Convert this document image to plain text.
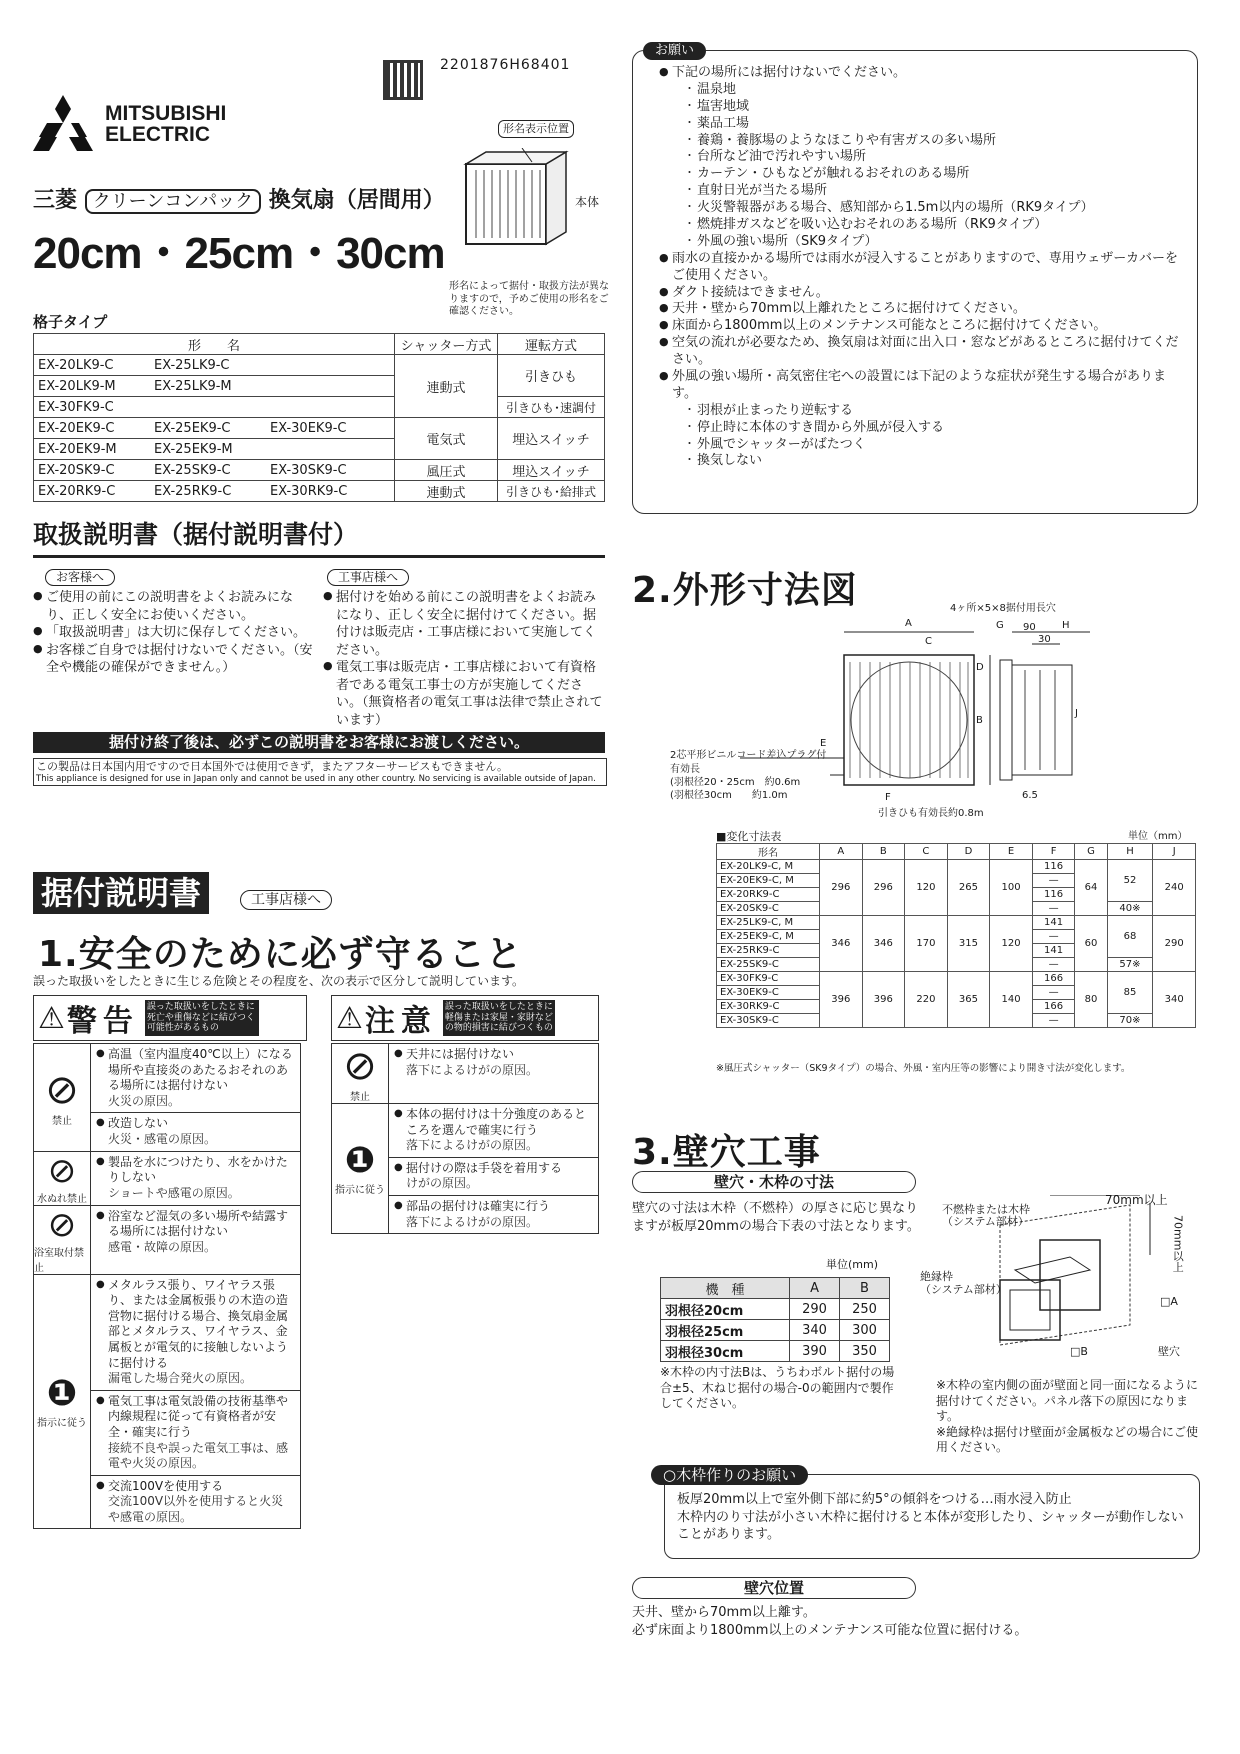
2201876H68401
MITSUBISHI
ELECTRIC
三菱 クリーンコンパック 換気扇（居間用）
20cm・25cm・30cm
形名表示位置
本体
形名によって据付・取扱方法が異なりますので，予めご使用の形名をご確認ください。
格子タイプ
形　　名	シャッター方式	運転方式
EX-20LK9-C EX-25LK9-C	連動式	引きひも
EX-20LK9-M EX-25LK9-M		
EX-30FK9-C		引きひも･速調付
EX-20EK9-C EX-25EK9-C EX-30EK9-C	電気式	埋込スイッチ
EX-20EK9-M EX-25EK9-M		
EX-20SK9-C EX-25SK9-C EX-30SK9-C	風圧式	埋込スイッチ
EX-20RK9-C EX-25RK9-C EX-30RK9-C	連動式	引きひも･給排式
取扱説明書（据付説明書付）
お客様へ
● ご使用の前にこの説明書をよくお読みになり、正しく安全にお使いください。
● 「取扱説明書」は大切に保存してください。
● お客様ご自身では据付けないでください。（安全や機能の確保ができません。）
工事店様へ
● 据付けを始める前にこの説明書をよくお読みになり、正しく安全に据付けてください。据付けは販売店・工事店様において実施してください。
● 電気工事は販売店・工事店様において有資格者である電気工事士の方が実施してください。（無資格者の電気工事は法律で禁止されています）
据付け終了後は、必ずこの説明書をお客様にお渡しください。
この製品は日本国内用ですので日本国外では使用できず，またアフターサービスもできません。
This appliance is designed for use in Japan only and cannot be used in any other country. No servicing is available outside of Japan.
据付説明書	工事店様へ
1.安全のために必ず守ること
誤った取扱いをしたときに生じる危険とその程度を、次の表示で区分して説明しています。
⚠ 警告 誤った取扱いをしたときに死亡や重傷などに結びつく可能性があるもの	⚠ 注意 誤った取扱いをしたときに軽傷または家屋・家財などの物的損害に結びつくもの
⊘
禁止
● 高温（室内温度40℃以上）になる場所や直接炎のあたるおそれのある場所には据付けない
火災の原因。
● 改造しない
火災・感電の原因。
⊘
水ぬれ禁止
● 製品を水につけたり、水をかけたりしない
ショートや感電の原因。
⊘
浴室取付禁止
● 浴室など湿気の多い場所や結露する場所には据付けない
感電・故障の原因。
❶
指示に従う
● メタルラス張り、ワイヤラス張り、または金属板張りの木造の造営物に据付ける場合、換気扇金属部とメタルラス、ワイヤラス、金属板とが電気的に接触しないように据付ける
漏電した場合発火の原因。
● 電気工事は電気設備の技術基準や内線規程に従って有資格者が安全・確実に行う
接続不良や誤った電気工事は、感電や火災の原因。
● 交流100Vを使用する
交流100V以外を使用すると火災や感電の原因。
⊘
禁止
● 天井には据付けない
落下によるけがの原因。
❶
指示に従う
● 本体の据付けは十分強度のあるところを選んで確実に行う
落下によるけがの原因。
● 据付けの際は手袋を着用する
けがの原因。
● 部品の据付けは確実に行う
落下によるけがの原因。
お願い
● 下記の場所には据付けないでください。
・ 温泉地
・ 塩害地域
・ 薬品工場
・ 養鶏・養豚場のようなほこりや有害ガスの多い場所
・ 台所など油で汚れやすい場所
・ カーテン・ひもなどが触れるおそれのある場所
・ 直射日光が当たる場所
・ 火災警報器がある場合、感知部から1.5m以内の場所（RK9タイプ）
・ 燃焼排ガスなどを吸い込むおそれのある場所（RK9タイプ）
・ 外風の強い場所（SK9タイプ）
● 雨水の直接かかる場所では雨水が浸入することがありますので、専用ウェザーカバーをご使用ください。
● ダクト接続はできません。
● 天井・壁から70mm以上離れたところに据付けてください。
● 床面から1800mm以上のメンテナンス可能なところに据付けてください。
● 空気の流れが必要なため、換気扇は対面に出入口・窓などがあるところに据付けてください。
● 外風の強い場所・高気密住宅への設置には下記のような症状が発生する場合があります。
・ 羽根が止まったり逆転する
・ 停止時に本体のすき間から外風が侵入する
・ 外風でシャッターがばたつく
・ 換気しない
2.外形寸法図	4ヶ所×5×8据付用長穴
A
C
D
B
G 90	H
30
J
E
F	6.5
2芯平形ビニルコード差込プラグ付
有効長
(羽根径20・25cm　約0.6m
(羽根径30cm　　約1.0m
引きひも有効長約0.8m
■変化寸法表	単位（mm）
形名	A	B	C	D	E	F	G	H	J
EX-20LK9-C, M	296	296	120	265	100	116	64	52	240
EX-20EK9-C, M						—			
EX-20RK9-C						116			
EX-20SK9-C						—		40※	
EX-25LK9-C, M	346	346	170	315	120	141	60	68	290
EX-25EK9-C, M						—			
EX-25RK9-C						141			
EX-25SK9-C						—		57※	
EX-30FK9-C	396	396	220	365	140	166	80	85	340
EX-30EK9-C						—			
EX-30RK9-C						166			
EX-30SK9-C						—		70※	
※風圧式シャッター（SK9タイプ）の場合、外風・室内圧等の影響により開き寸法が変化します。
3.壁穴工事
壁穴・木枠の寸法
壁穴の寸法は木枠（不燃枠）の厚さに応じ異なりますが板厚20mmの場合下表の寸法となります。
単位(mm)
機　種	A	B
羽根径20cm	290	250
羽根径25cm	340	300
羽根径30cm	390	350
※木枠の内寸法Bは、うちわボルト据付の場合±5、木ねじ据付の場合-0の範囲内で製作してください。
不燃枠または木枠
（システム部材）
絶縁枠
（システム部材）
70mm以上
70mm以上
□A
□B	壁穴
※木枠の室内側の面が壁面と同一面になるように据付けてください。パネル落下の原因になります。
※絶縁枠は据付け壁面が金属板などの場合にご使用ください。
○木枠作りのお願い
板厚20mm以上で室外側下部に約5°の傾斜をつける…雨水浸入防止
木枠内のり寸法が小さい木枠に据付けると本体が変形したり、シャッターが動作しないことがあります。
壁穴位置
天井、壁から70mm以上離す。
必ず床面より1800mm以上のメンテナンス可能な位置に据付ける。
